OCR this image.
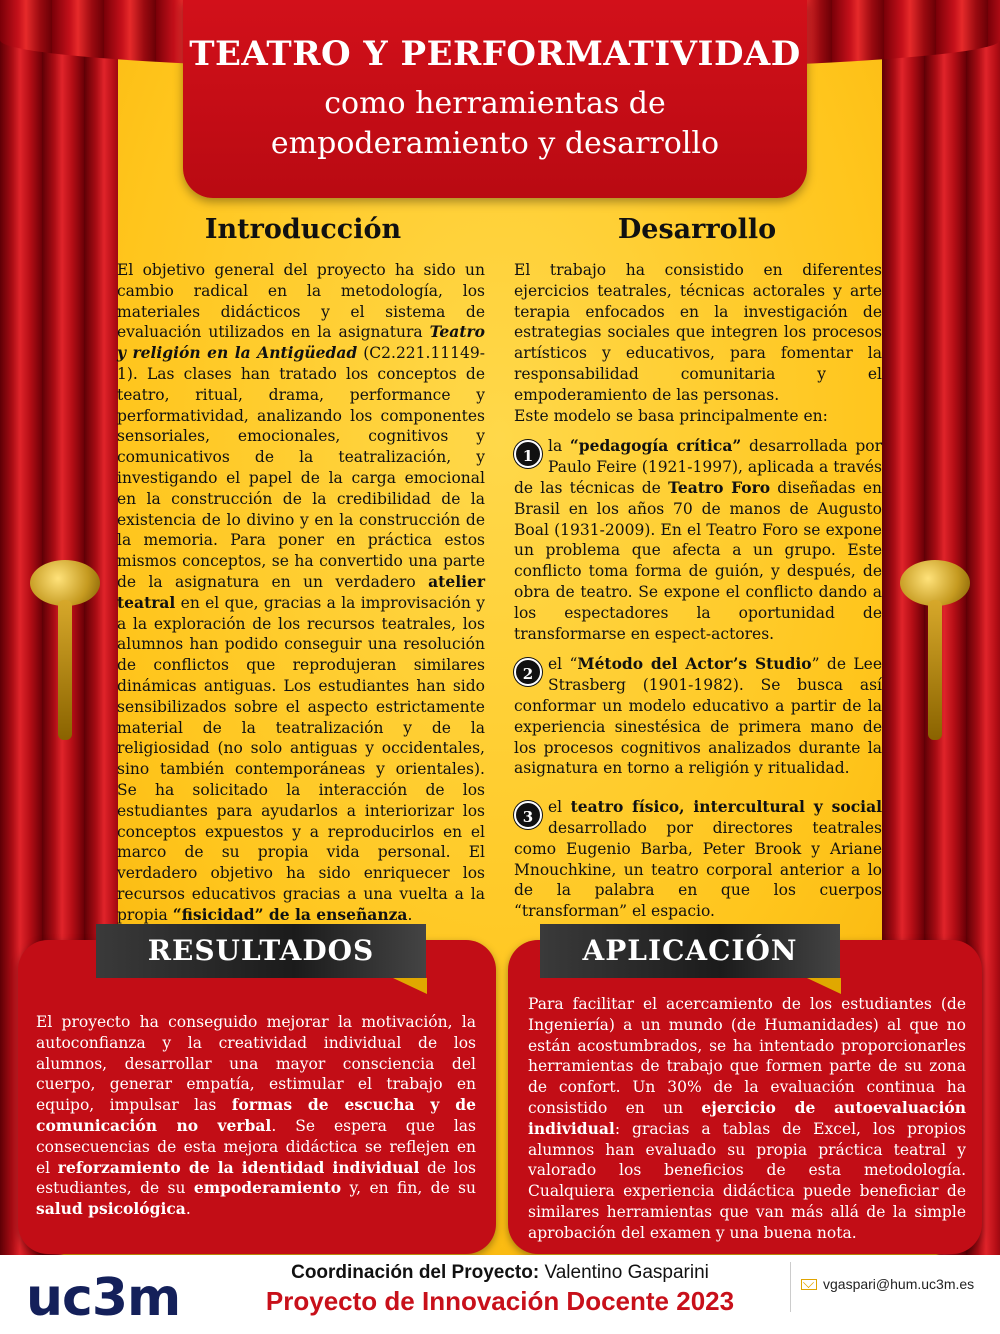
TEATRO Y PERFORMATIVIDAD
como herramientas de
empoderamiento y desarrollo
Introducción	Desarrollo
El objetivo general del proyecto ha sido un cambio radical en la metodología, los materiales didácticos y el sistema de evaluación utilizados en la asignatura Teatro y religión en la Antigüedad (C2.221.11149-1). Las clases han tratado los conceptos de teatro, ritual, drama, performance y performatividad, analizando los componentes sensoriales, emocionales, cognitivos y comunicativos de la teatralización, y investigando el papel de la carga emocional en la construcción de la credibilidad de la existencia de lo divino y en la construcción de la memoria. Para poner en práctica estos mismos conceptos, se ha convertido una parte de la asignatura en un verdadero atelier teatral en el que, gracias a la improvisación y a la exploración de los recursos teatrales, los alumnos han podido conseguir una resolución de conflictos que reprodujeran similares dinámicas antiguas. Los estudiantes han sido sensibilizados sobre el aspecto estrictamente material de la teatralización y de la religiosidad (no solo antiguas y occidentales, sino también contemporáneas y orientales). Se ha solicitado la interacción de los estudiantes para ayudarlos a interiorizar los conceptos expuestos y a reproducirlos en el marco de su propia vida personal. El verdadero objetivo ha sido enriquecer los recursos educativos gracias a una vuelta a la propia “fisicidad” de la enseñanza.
El trabajo ha consistido en diferentes ejercicios teatrales, técnicas actorales y arte terapia enfocados en la investigación de estrategias sociales que integren los procesos artísticos y educativos, para fomentar la responsabilidad comunitaria y el empoderamiento de las personas.
Este modelo se basa principalmente en:
1
la “pedagogía crítica” desarrollada por Paulo Feire (1921-1997), aplicada a través de las técnicas de Teatro Foro diseñadas en Brasil en los años 70 de manos de Augusto Boal (1931-2009). En el Teatro Foro se expone un problema que afecta a un grupo. Este conflicto toma forma de guión, y después, de obra de teatro. Se expone el conflicto dando a los espectadores la oportunidad de transformarse en espect-actores.
2
el “Método del Actor’s Studio” de Lee Strasberg (1901-1982). Se busca así conformar un modelo educativo a partir de la experiencia sinestésica de primera mano de los procesos cognitivos analizados durante la asignatura en torno a religión y ritualidad.
3
el teatro físico, intercultural y social desarrollado por directores teatrales como Eugenio Barba, Peter Brook y Ariane Mnouchkine, un teatro corporal anterior a lo de la palabra en que los cuerpos “transforman” el espacio.
RESULTADOS	APLICACIÓN
El proyecto ha conseguido mejorar la motivación, la autoconfianza y la creatividad individual de los alumnos, desarrollar una mayor consciencia del cuerpo, generar empatía, estimular el trabajo en equipo, impulsar las formas de escucha y de comunicación no verbal. Se espera que las consecuencias de esta mejora didáctica se reflejen en el reforzamiento de la identidad individual de los estudiantes, de su empoderamiento y, en fin, de su salud psicológica.
Para facilitar el acercamiento de los estudiantes (de Ingeniería) a un mundo (de Humanidades) al que no están acostumbrados, se ha intentado proporcionarles herramientas de trabajo que formen parte de su zona de confort. Un 30% de la evaluación continua ha consistido en un ejercicio de autoevaluación individual: gracias a tablas de Excel, los propios alumnos han evaluado su propia práctica teatral y valorado los beneficios de esta metodología. Cualquiera experiencia didáctica puede beneficiar de similares herramientas que van más allá de la simple aprobación del examen y una buena nota.
uc3m	Coordinación del Proyecto: Valentino Gasparini
Proyecto de Innovación Docente 2023
vgaspari@hum.uc3m.es
